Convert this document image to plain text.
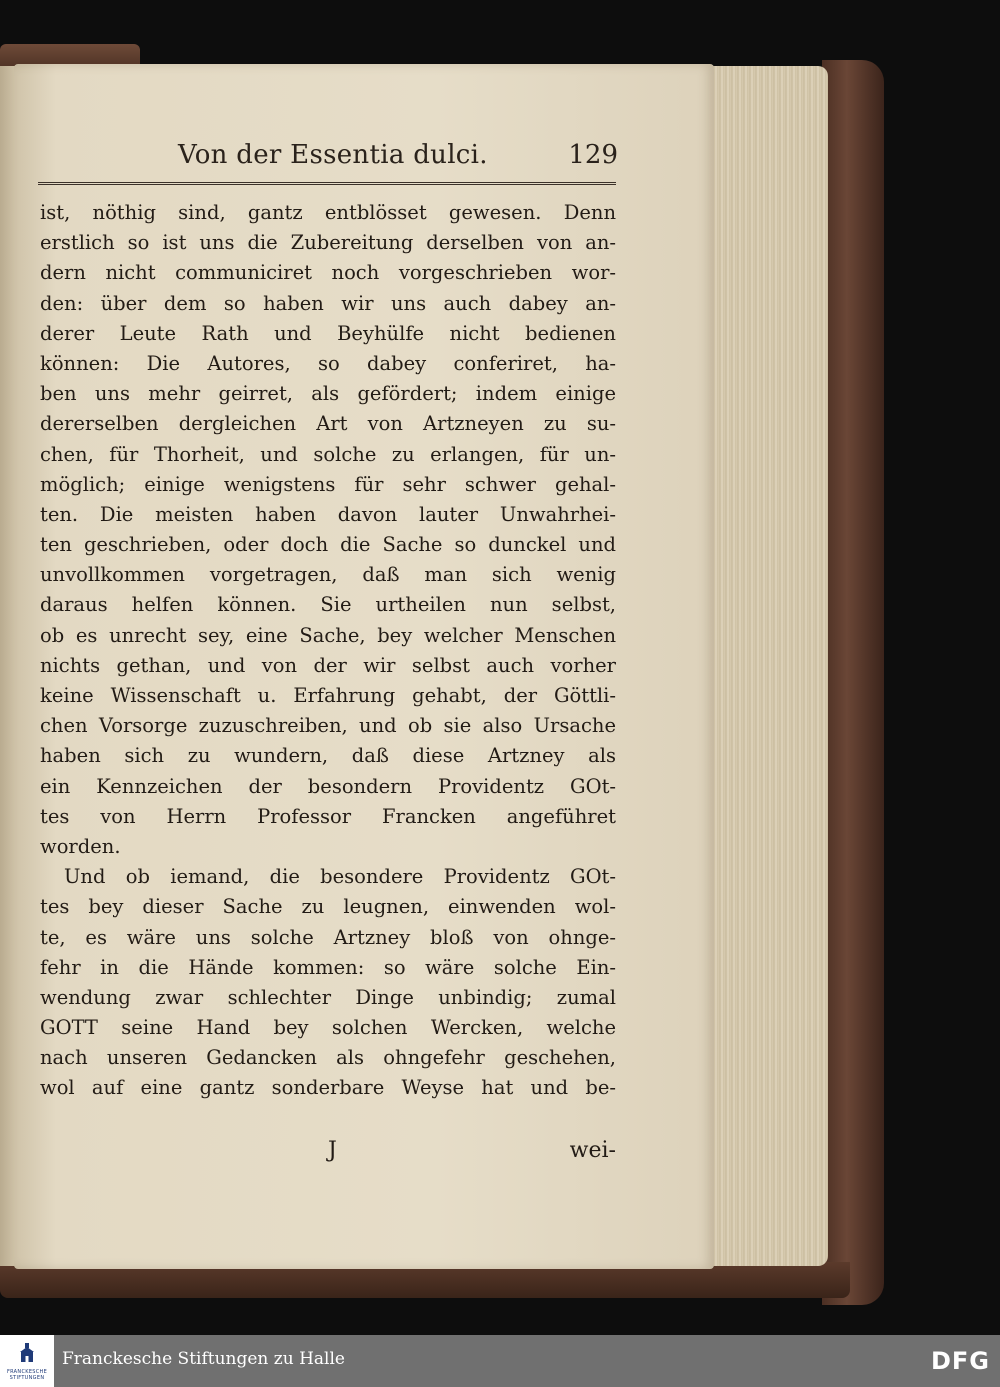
Von der Essentia dulci.	129
ist, nöthig sind, gantz entblösset gewesen. Denn
erstlich so ist uns die Zubereitung derselben von an-
dern nicht communiciret noch vorgeschrieben wor-
den: über dem so haben wir uns auch dabey an-
derer Leute Rath und Beyhülfe nicht bedienen
können: Die Autores, so dabey conferiret, ha-
ben uns mehr geirret, als gefördert; indem einige
dererselben dergleichen Art von Artzneyen zu su-
chen, für Thorheit, und solche zu erlangen, für un-
möglich; einige wenigstens für sehr schwer gehal-
ten. Die meisten haben davon lauter Unwahrhei-
ten geschrieben, oder doch die Sache so dunckel und
unvollkommen vorgetragen, daß man sich wenig
daraus helfen können. Sie urtheilen nun selbst,
ob es unrecht sey, eine Sache, bey welcher Menschen
nichts gethan, und von der wir selbst auch vorher
keine Wissenschaft u. Erfahrung gehabt, der Göttli-
chen Vorsorge zuzuschreiben, und ob sie also Ursache
haben sich zu wundern, daß diese Artzney als
ein Kennzeichen der besondern Providentz GOt-
tes von Herrn Professor Francken angeführet
worden.
Und ob iemand, die besondere Providentz GOt-
tes bey dieser Sache zu leugnen, einwenden wol-
te, es wäre uns solche Artzney bloß von ohnge-
fehr in die Hände kommen: so wäre solche Ein-
wendung zwar schlechter Dinge unbindig; zumal
GOTT seine Hand bey solchen Wercken, welche
nach unseren Gedancken als ohngefehr geschehen,
wol auf eine gantz sonderbare Weyse hat und be-
J	wei-
FRANCKESCHE STIFTUNGEN
Franckesche Stiftungen zu Halle	DFG
